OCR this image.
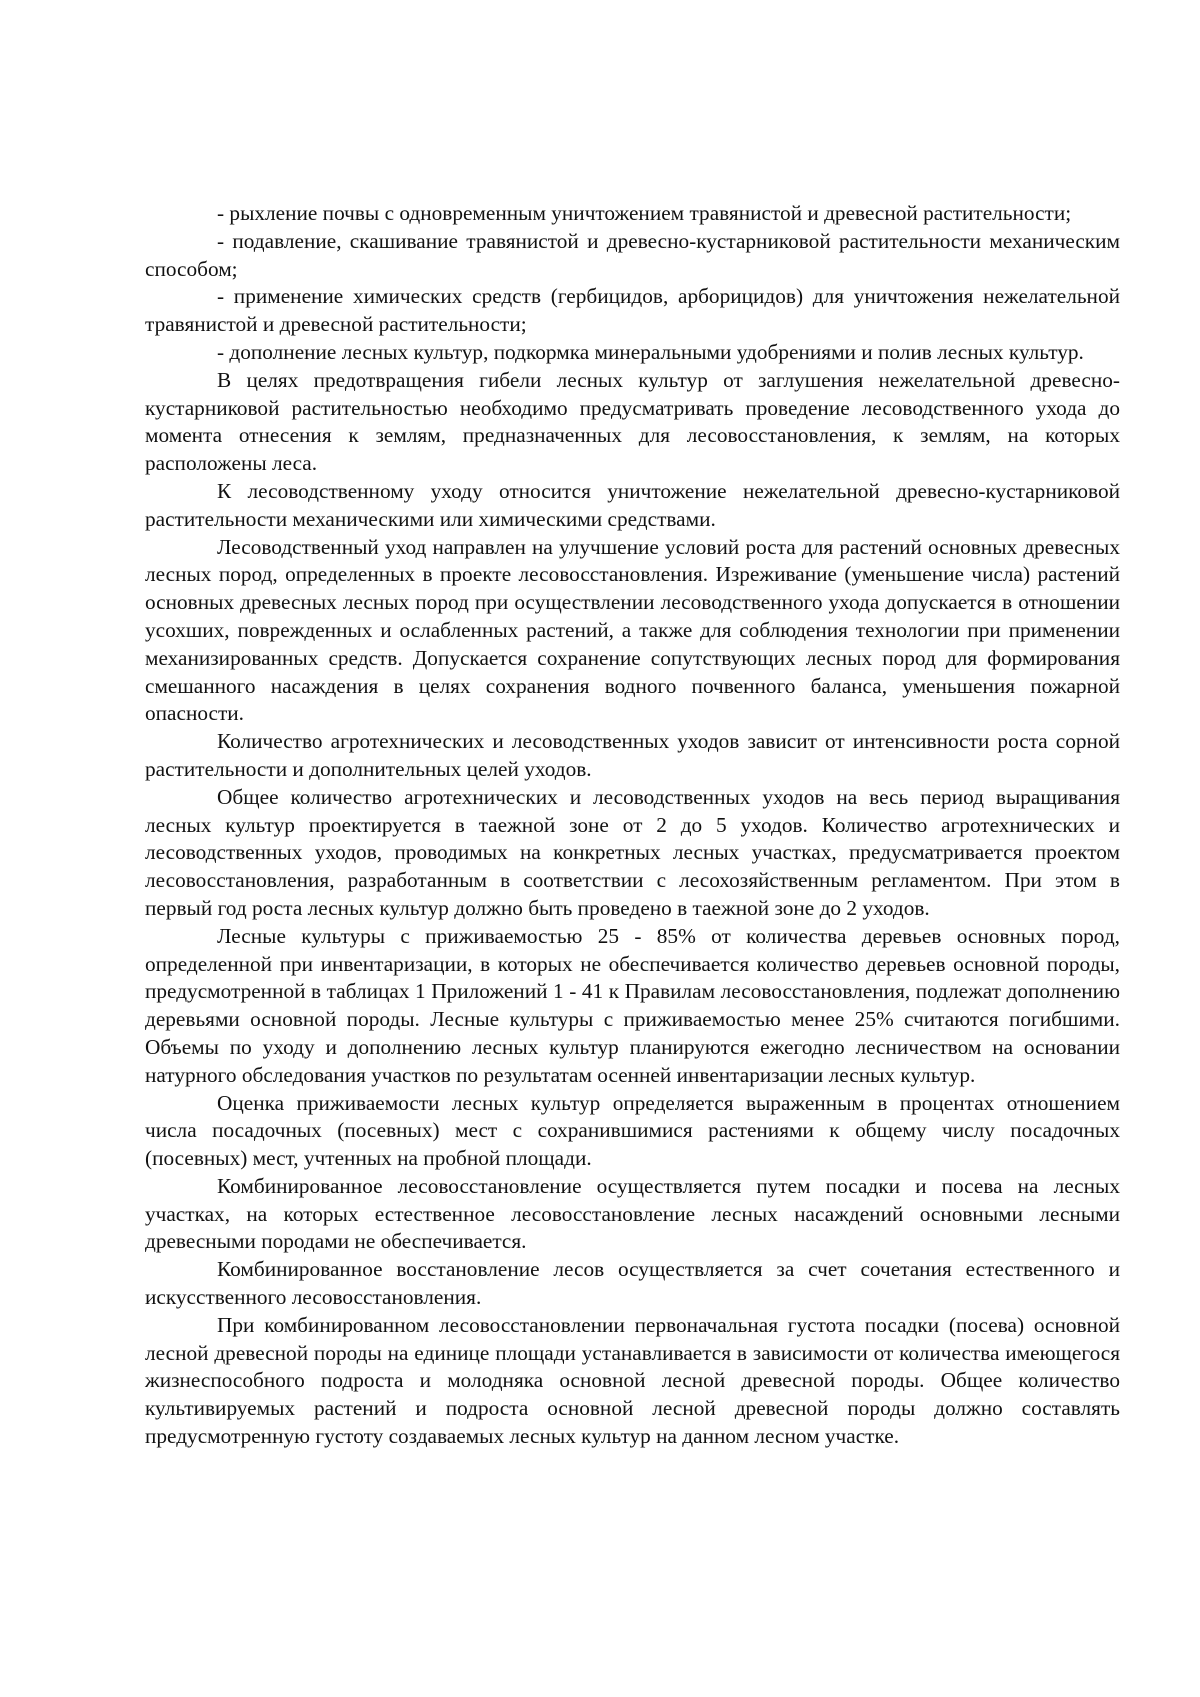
- рыхление почвы с одновременным уничтожением травянистой и древесной растительности;

- подавление, скашивание травянистой и древесно-кустарниковой растительности механическим способом;

- применение химических средств (гербицидов, арборицидов) для уничтожения нежелательной травянистой и древесной растительности;

- дополнение лесных культур, подкормка минеральными удобрениями и полив лесных культур.

В целях предотвращения гибели лесных культур от заглушения нежелательной древесно-кустарниковой растительностью необходимо предусматривать проведение лесоводственного ухода до момента отнесения к землям, предназначенных для лесовосстановления, к землям, на которых расположены леса.

К лесоводственному уходу относится уничтожение нежелательной древесно-кустарниковой растительности механическими или химическими средствами.

Лесоводственный уход направлен на улучшение условий роста для растений основных древесных лесных пород, определенных в проекте лесовосстановления. Изреживание (уменьшение числа) растений основных древесных лесных пород при осуществлении лесоводственного ухода допускается в отношении усохших, поврежденных и ослабленных растений, а также для соблюдения технологии при применении механизированных средств. Допускается сохранение сопутствующих лесных пород для формирования смешанного насаждения в целях сохранения водного почвенного баланса, уменьшения пожарной опасности.

Количество агротехнических и лесоводственных уходов зависит от интенсивности роста сорной растительности и дополнительных целей уходов.

Общее количество агротехнических и лесоводственных уходов на весь период выращивания лесных культур проектируется в таежной зоне от 2 до 5 уходов. Количество агротехнических и лесоводственных уходов, проводимых на конкретных лесных участках, предусматривается проектом лесовосстановления, разработанным в соответствии с лесохозяйственным регламентом. При этом в первый год роста лесных культур должно быть проведено в таежной зоне до 2 уходов.

Лесные культуры с приживаемостью 25 - 85% от количества деревьев основных пород, определенной при инвентаризации, в которых не обеспечивается количество деревьев основной породы, предусмотренной в таблицах 1 Приложений 1 - 41 к Правилам лесовосстановления, подлежат дополнению деревьями основной породы. Лесные культуры с приживаемостью менее 25% считаются погибшими. Объемы по уходу и дополнению лесных культур планируются ежегодно лесничеством на основании натурного обследования участков по результатам осенней инвентаризации лесных культур.

Оценка приживаемости лесных культур определяется выраженным в процентах отношением числа посадочных (посевных) мест с сохранившимися растениями к общему числу посадочных (посевных) мест, учтенных на пробной площади.

Комбинированное лесовосстановление осуществляется путем посадки и посева на лесных участках, на которых естественное лесовосстановление лесных насаждений основными лесными древесными породами не обеспечивается.

Комбинированное восстановление лесов осуществляется за счет сочетания естественного и искусственного лесовосстановления.

При комбинированном лесовосстановлении первоначальная густота посадки (посева) основной лесной древесной породы на единице площади устанавливается в зависимости от количества имеющегося жизнеспособного подроста и молодняка основной лесной древесной породы. Общее количество культивируемых растений и подроста основной лесной древесной породы должно составлять предусмотренную густоту создаваемых лесных культур на данном лесном участке.
